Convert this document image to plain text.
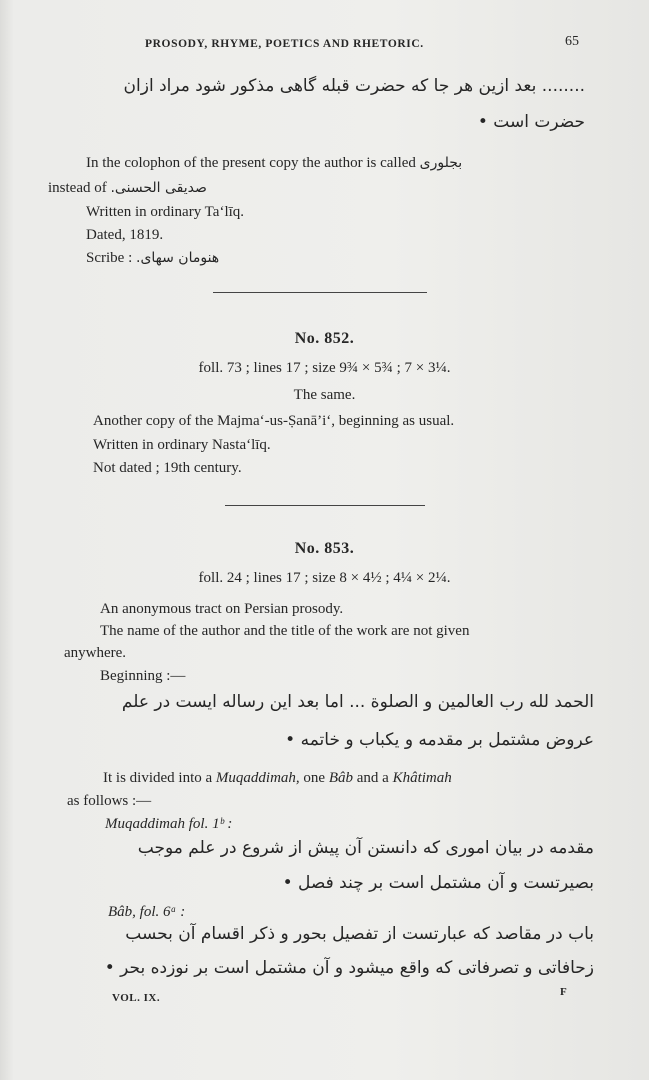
PROSODY, RHYME, POETICS AND RHETORIC.	65
........ بعد ازین هر جا که حضرت قبله گاهی مذکور شود مراد ازان
حضرت است •
In the colophon of the present copy the author is called بجلوری
instead of صدیقی الحسنی.
Written in ordinary Ta‘līq.
Dated, 1819.
Scribe : هنومان سهای.
No. 852.
foll. 73 ; lines 17 ; size 9¾ × 5¾ ; 7 × 3¼.
The same.
Another copy of the Majma‘-us-Ṣanā’i‘, beginning as usual.
Written in ordinary Nasta‘līq.
Not dated ; 19th century.
No. 853.
foll. 24 ; lines 17 ; size 8 × 4½ ; 4¼ × 2¼.
An anonymous tract on Persian prosody.
The name of the author and the title of the work are not given
anywhere.
Beginning :—
الحمد لله رب العالمين و الصلوة ... اما بعد اين رساله ايست در علم
عروض مشتمل بر مقدمه و يكباب و خاتمه •
It is divided into a Muqaddimah, one Bâb and a Khâtimah
as follows :—
Muqaddimah fol. 1ᵇ :
مقدمه در بیان اموری که دانستن آن پیش از شروع در علم موجب
بصیرتست و آن مشتمل است بر چند فصل •
Bâb, fol. 6ᵃ :
باب در مقاصد که عبارتست از تفصیل بحور و ذکر اقسام آن بحسب
زحافاتی و تصرفاتی که واقع میشود و آن مشتمل است بر نوزده بحر •
VOL. IX.	F
